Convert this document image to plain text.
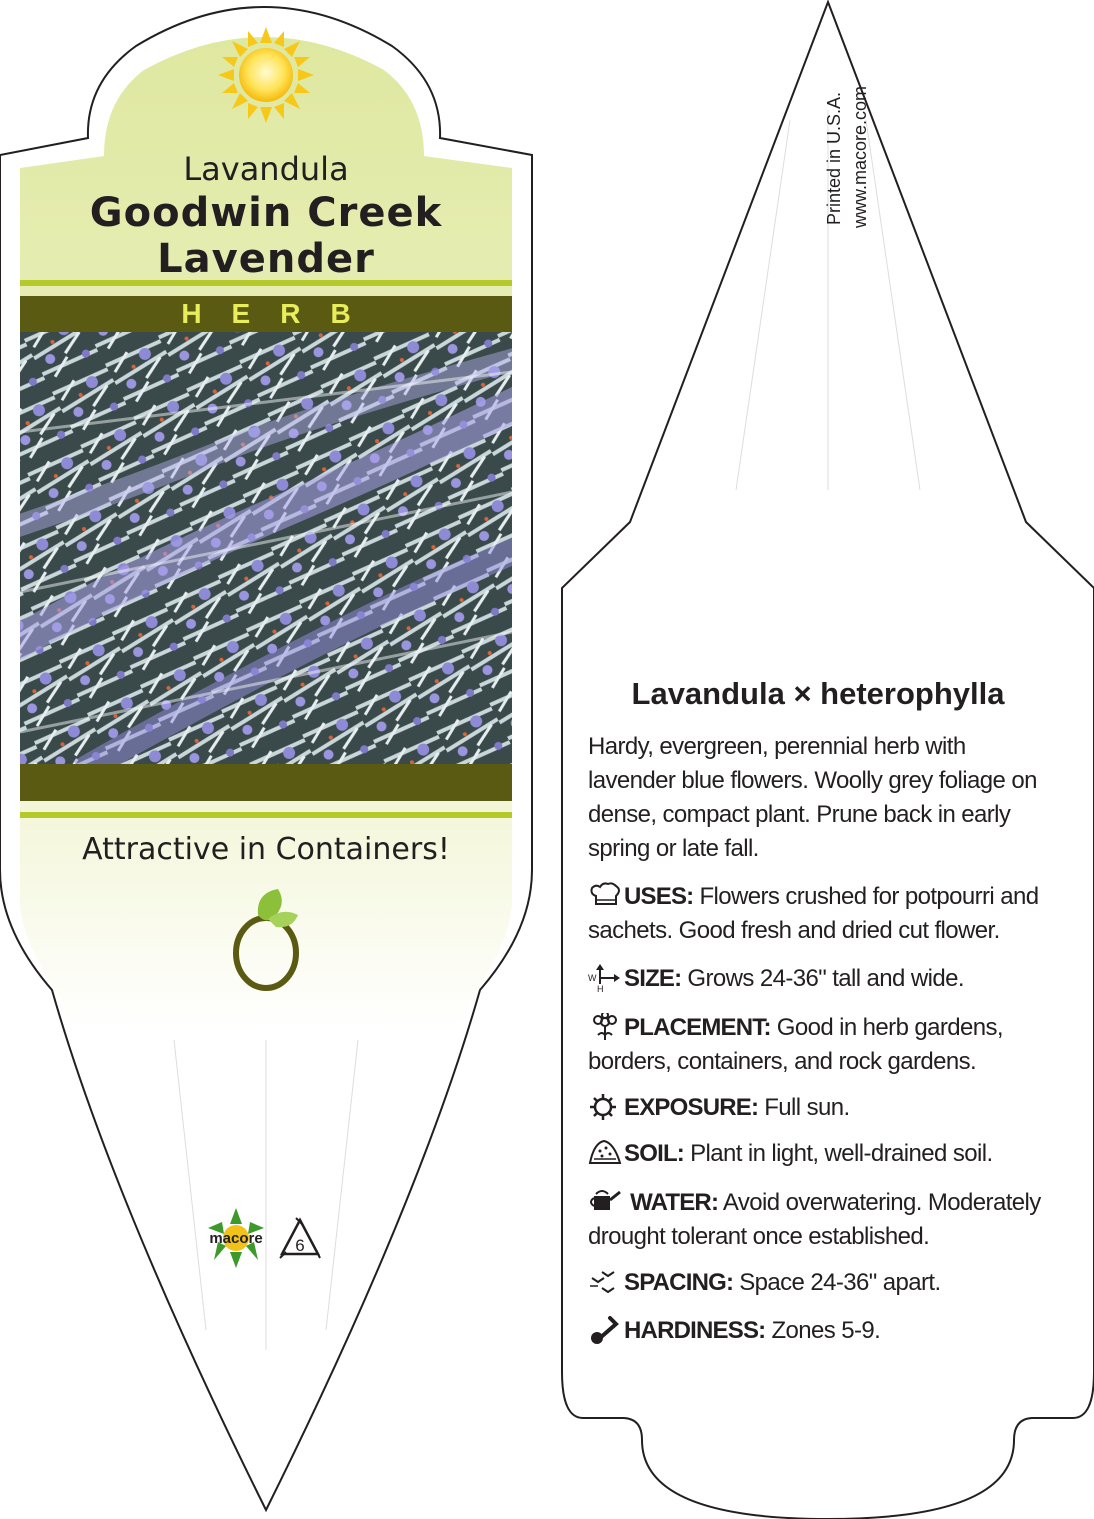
macore 6
Lavandula
Goodwin Creek
Lavender
HERB
Attractive in Containers!
Printed in U.S.A. www.macore.com
Lavandula × heterophylla
Hardy, evergreen, perennial herb with lavender blue flowers. Woolly grey foliage on dense, compact plant. Prune back in early spring or late fall.
USES: Flowers crushed for potpourri and sachets. Good fresh and dried cut flower.
W
H SIZE: Grows 24-36" tall and wide.
PLACEMENT: Good in herb gardens, borders, containers, and rock gardens.
EXPOSURE: Full sun.
SOIL: Plant in light, well-drained soil.
WATER: Avoid overwatering. Moderately drought tolerant once established.
SPACING: Space 24-36" apart.
HARDINESS: Zones 5-9.
